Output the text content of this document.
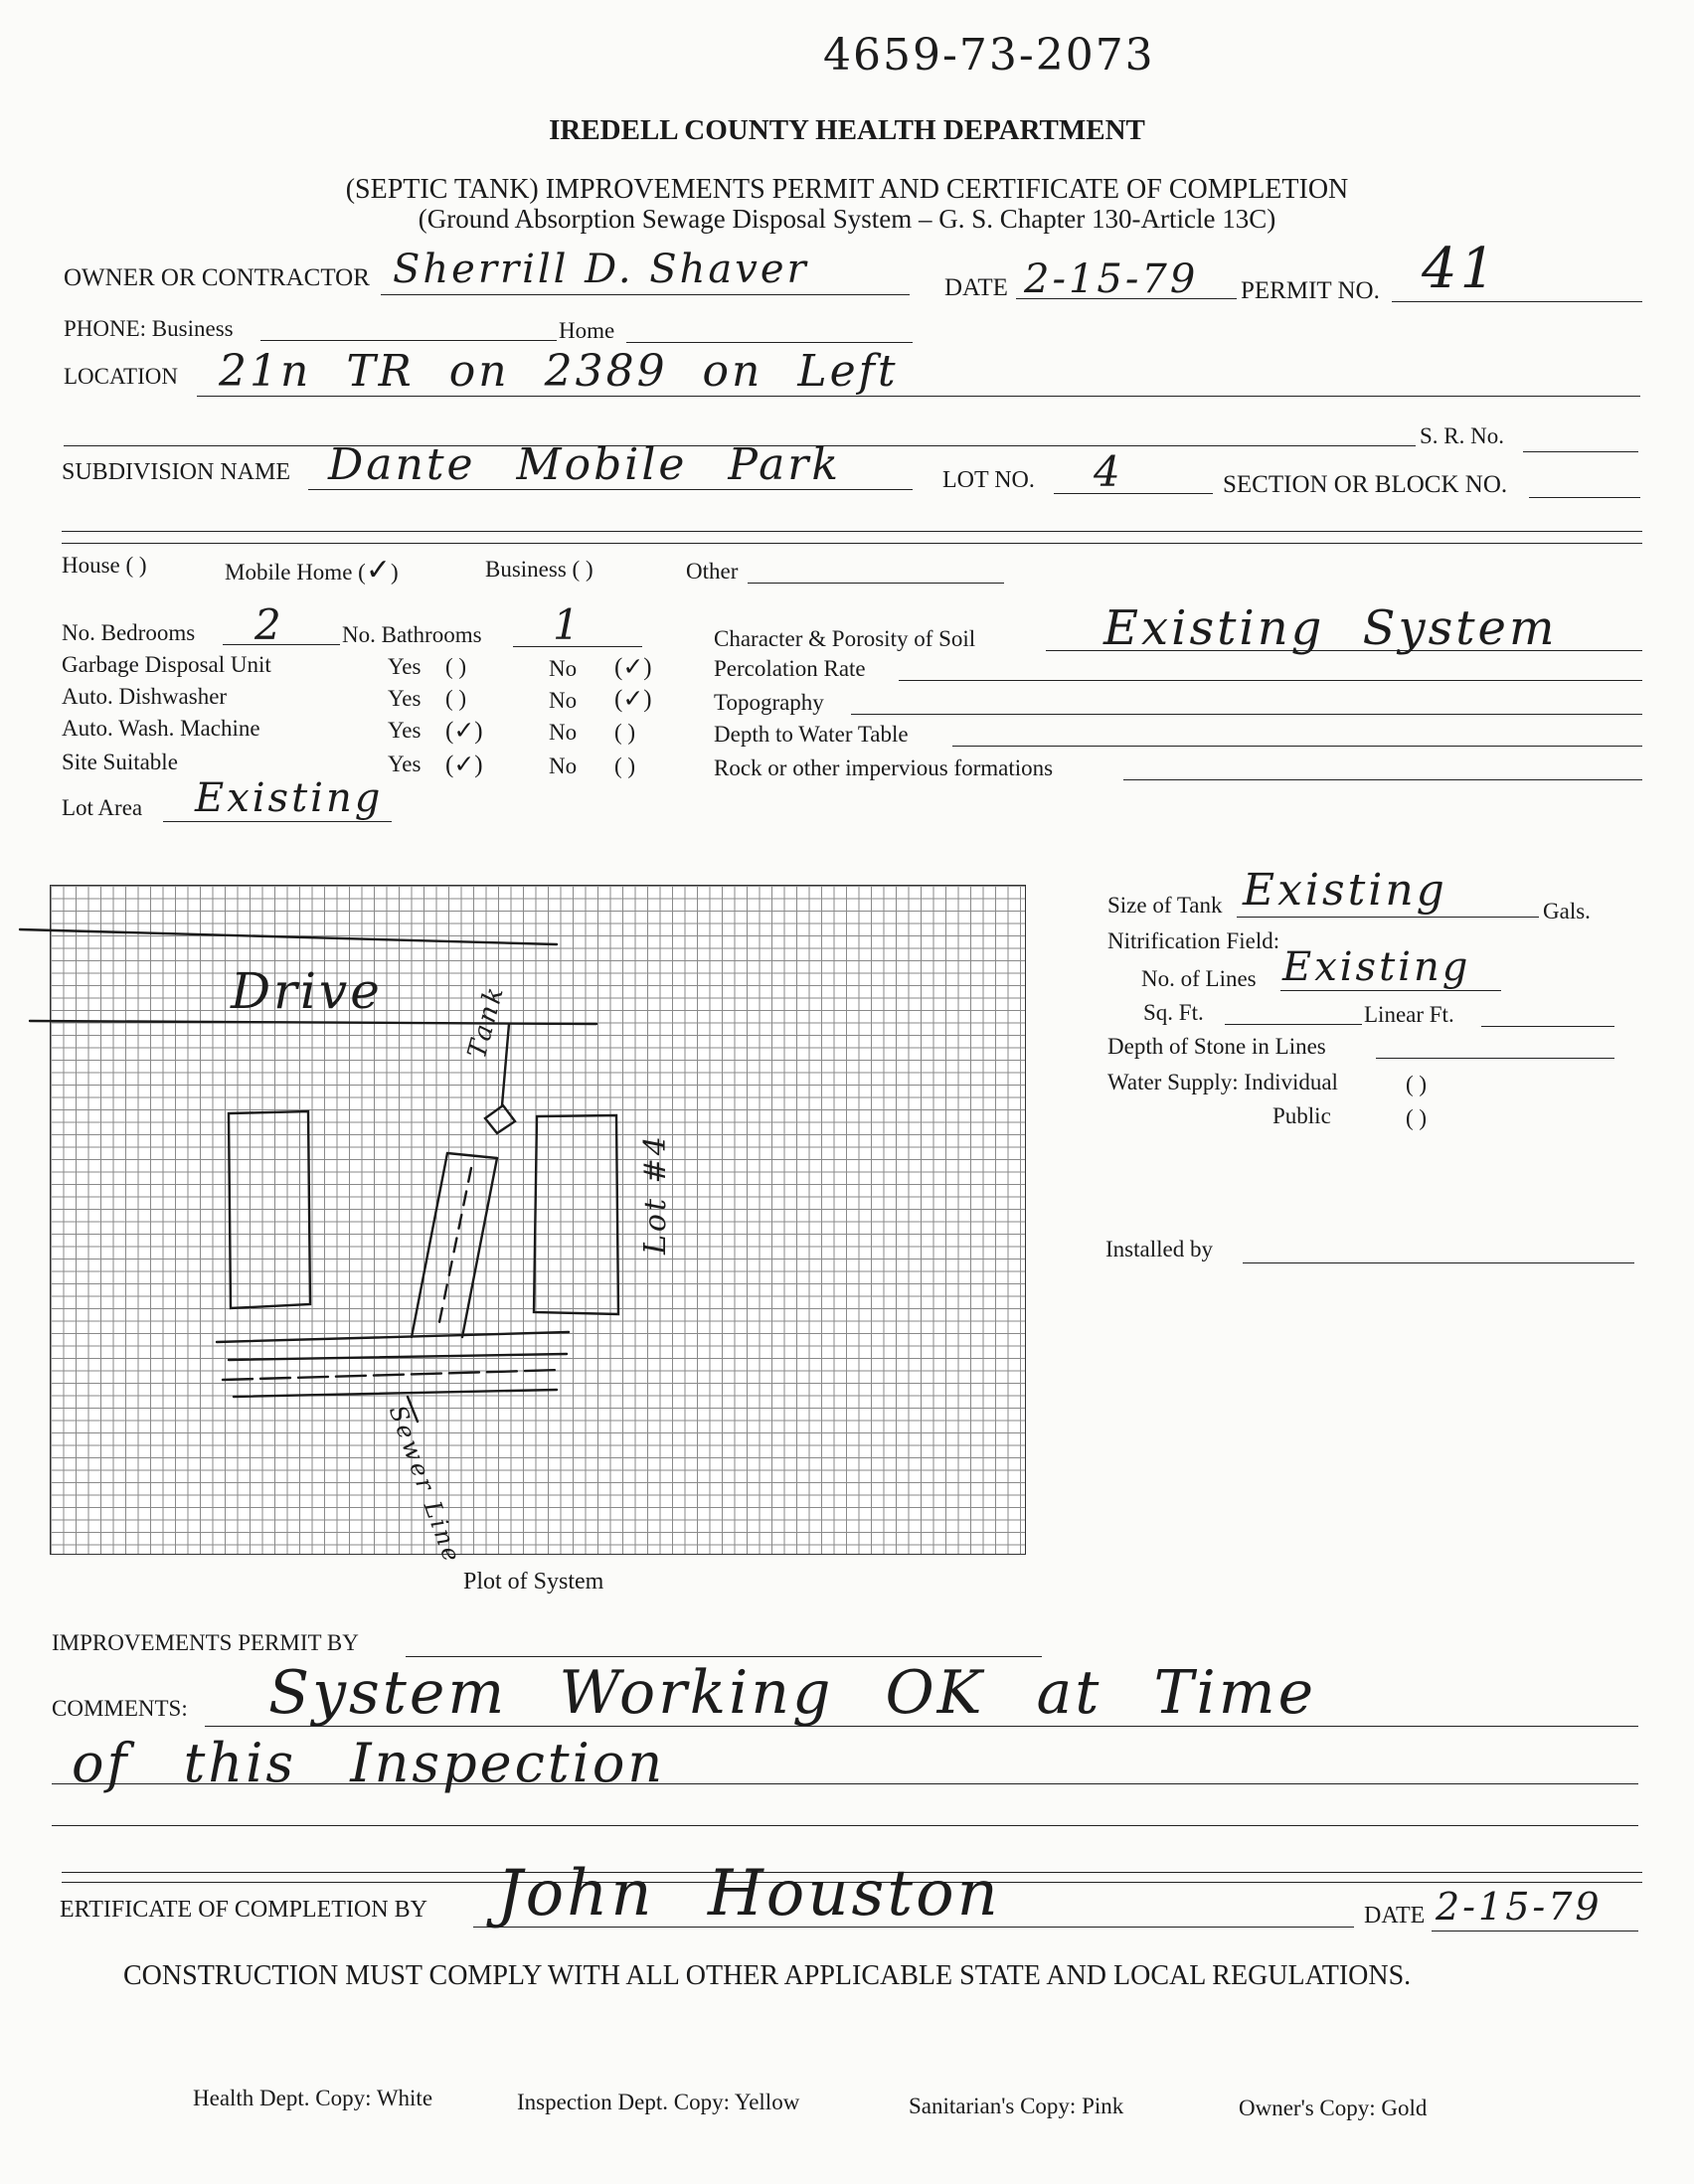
4659-73-2073
IREDELL COUNTY HEALTH DEPARTMENT
(SEPTIC TANK) IMPROVEMENTS PERMIT AND CERTIFICATE OF COMPLETION
(Ground Absorption Sewage Disposal System – G. S. Chapter 130-Article 13C)
OWNER OR CONTRACTOR Sherrill D. Shaver	DATE 2-15-79 PERMIT NO. 41
PHONE: Business	Home
LOCATION 21n TR on 2389 on Left
S. R. No.
SUBDIVISION NAME Dante Mobile Park	LOT NO. 4	SECTION OR BLOCK NO.
House ( )	Mobile Home (✓)	Business ( )	Other
No. Bedrooms 2	No. Bathrooms 1
Garbage Disposal Unit	Yes ( )	No (✓)
Auto. Dishwasher	Yes ( )	No (✓)
Auto. Wash. Machine	Yes (✓)	No ( )
Site Suitable	Yes (✓)	No ( )
Lot Area Existing
Character & Porosity of Soil	Existing System
Percolation Rate
Topography
Depth to Water Table
Rock or other impervious formations
Drive	Tank
Lot #4
Sewer Line
Plot of System
Size of Tank Existing	Gals.
Nitrification Field:
No. of Lines Existing
Sq. Ft.	Linear Ft.
Depth of Stone in Lines
Water Supply: Individual	( )
Public	( )
Installed by
IMPROVEMENTS PERMIT BY
COMMENTS: System Working OK at Time
of this Inspection
ERTIFICATE OF COMPLETION BY John Houston	DATE 2-15-79
CONSTRUCTION MUST COMPLY WITH ALL OTHER APPLICABLE STATE AND LOCAL REGULATIONS.
Health Dept. Copy: White	Inspection Dept. Copy: Yellow	Sanitarian's Copy: Pink	Owner's Copy: Gold
